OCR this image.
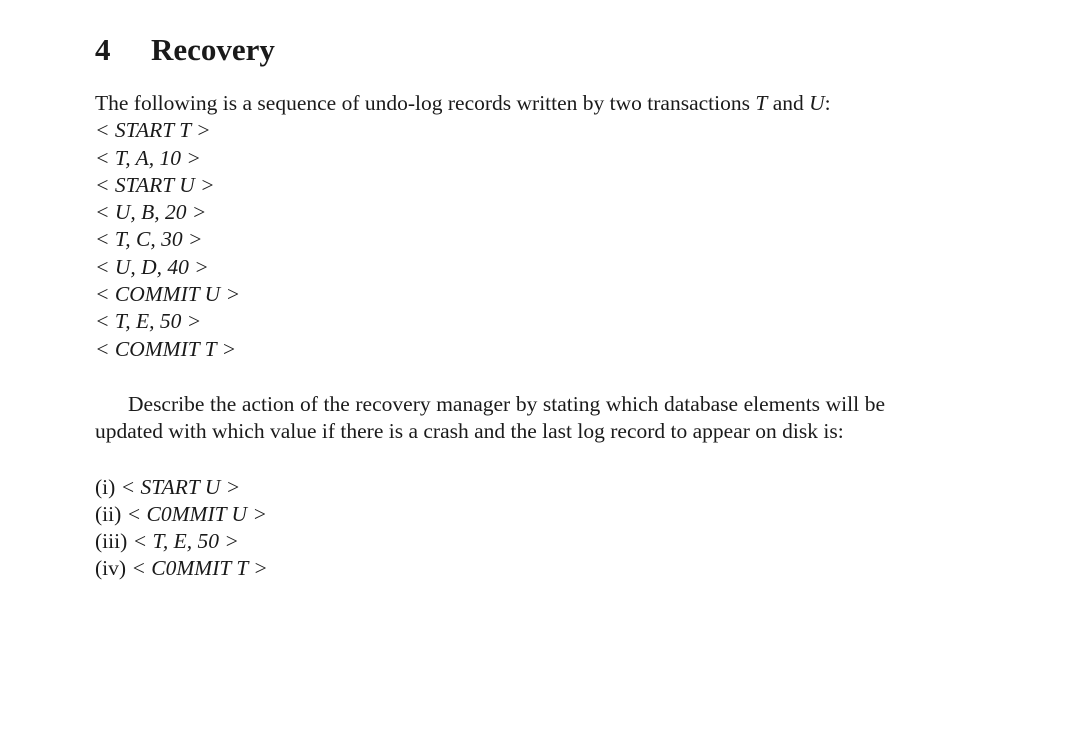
4	Recovery

The following is a sequence of undo-log records written by two transactions T and U:

< START T >
< T, A, 10 >
< START U >
< U, B, 20 >
< T, C, 30 >
< U, D, 40 >
< COMMIT U >
< T, E, 50 >
< COMMIT T >

Describe the action of the recovery manager by stating which database elements will be updated with which value if there is a crash and the last log record to appear on disk is:

(i) < START U >
(ii) < C0MMIT U >
(iii) < T, E, 50 >
(iv) < C0MMIT T >
